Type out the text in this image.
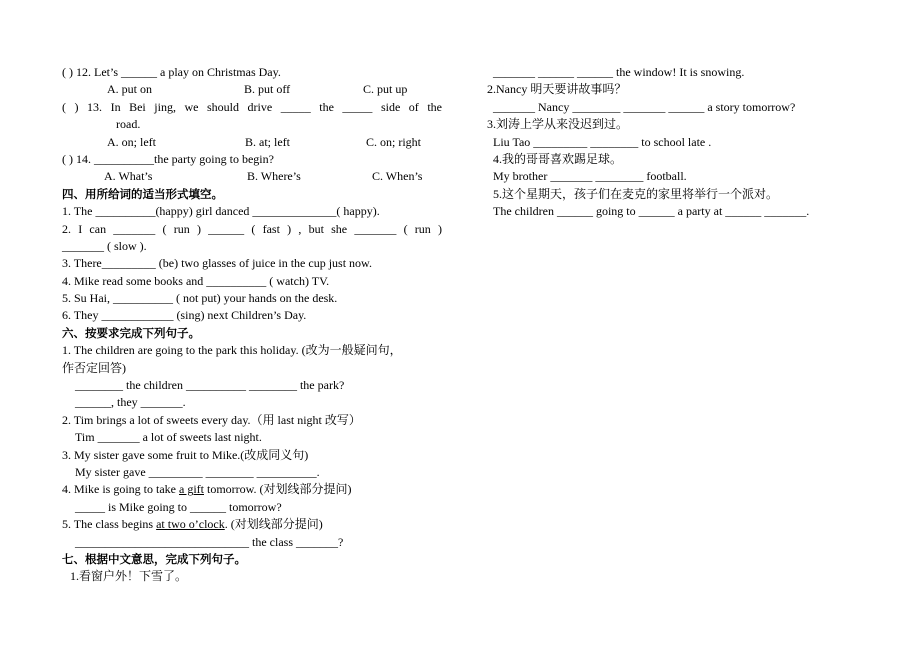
( ) 12. Let’s ______ a play on Christmas Day.
A. put on	B. put off	C. put up
( ) 13. In Bei jing, we should drive _____ the _____ side of the
road.
A. on; left	B. at; left	C. on; right
( ) 14. __________the party going to begin?
A. What’s	B. Where’s	C. When’s
四、用所给词的适当形式填空。
1. The __________(happy) girl danced ______________( happy).
2. I can _______ ( run ) ______ ( fast ) , but she _______ ( run )
_______ ( slow ).
3. There_________ (be) two glasses of juice in the cup just now.
4. Mike read some books and __________ ( watch) TV.
5. Su Hai, __________ ( not put) your hands on the desk.
6. They ____________ (sing) next Children’s Day.
六、按要求完成下列句子。
1. The children are going to the park this holiday. (改为一般疑问句，
作否定回答)
________ the children __________ ________ the park?
______, they _______.
2. Tim brings a lot of sweets every day.（用 last night 改写）
Tim _______ a lot of sweets last night.
3. My sister gave some fruit to Mike.(改成同义句)
My sister gave _________ ________ __________.
4. Mike is going to take a gift tomorrow. (对划线部分提问)
_____ is Mike going to ______ tomorrow?
5. The class begins at two o’clock. (对划线部分提问)
_____________________________ the class _______?
七、根据中文意思，完成下列句子。
1.看窗户外！下雪了。
_______ ______ ______ the window! It is snowing.
2.Nancy 明天要讲故事吗？
_______ Nancy ________ _______ ______ a story tomorrow?
3.刘涛上学从来没迟到过。
Liu Tao _________ ________ to school late .
4.我的哥哥喜欢踢足球。
My brother _______ ________ football.
5.这个星期天，孩子们在麦克的家里将举行一个派对。
The children ______ going to ______ a party at ______ _______.
